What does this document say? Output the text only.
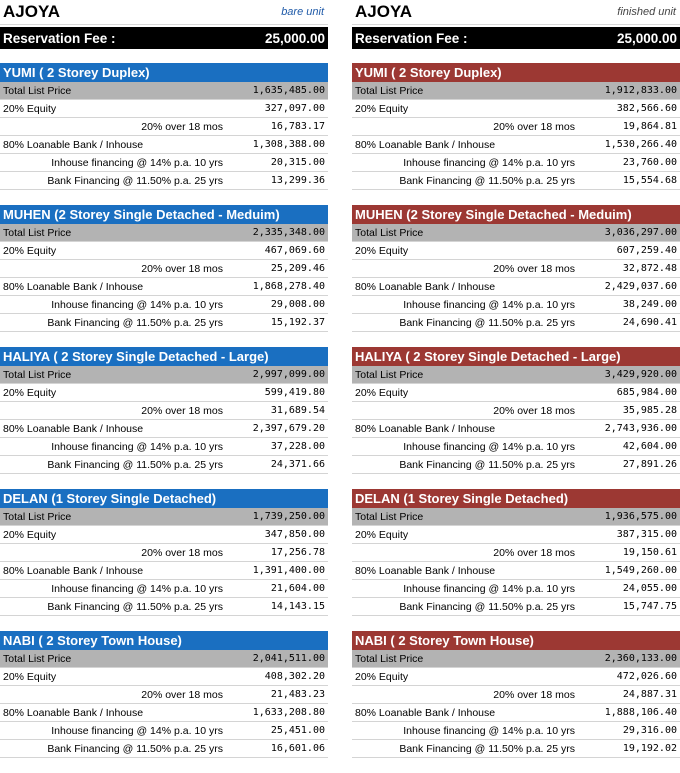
AJOYA	bare unit
Reservation Fee :	25,000.00
YUMI ( 2 Storey Duplex)
Total List Price	1,635,485.00
20% Equity	327,097.00
20% over 18 mos	16,783.17
80% Loanable Bank / Inhouse	1,308,388.00
Inhouse financing @ 14% p.a. 10 yrs	20,315.00
Bank Financing @ 11.50% p.a. 25 yrs	13,299.36
MUHEN (2 Storey Single Detached - Meduim)
Total List Price	2,335,348.00
20% Equity	467,069.60
20% over 18 mos	25,209.46
80% Loanable Bank / Inhouse	1,868,278.40
Inhouse financing @ 14% p.a. 10 yrs	29,008.00
Bank Financing @ 11.50% p.a. 25 yrs	15,192.37
HALIYA ( 2 Storey Single Detached - Large)
Total List Price	2,997,099.00
20% Equity	599,419.80
20% over 18 mos	31,689.54
80% Loanable Bank / Inhouse	2,397,679.20
Inhouse financing @ 14% p.a. 10 yrs	37,228.00
Bank Financing @ 11.50% p.a. 25 yrs	24,371.66
DELAN (1 Storey Single Detached)
Total List Price	1,739,250.00
20% Equity	347,850.00
20% over 18 mos	17,256.78
80% Loanable Bank / Inhouse	1,391,400.00
Inhouse financing @ 14% p.a. 10 yrs	21,604.00
Bank Financing @ 11.50% p.a. 25 yrs	14,143.15
NABI ( 2 Storey Town House)
Total List Price	2,041,511.00
20% Equity	408,302.20
20% over 18 mos	21,483.23
80% Loanable Bank / Inhouse	1,633,208.80
Inhouse financing @ 14% p.a. 10 yrs	25,451.00
Bank Financing @ 11.50% p.a. 25 yrs	16,601.06
AJOYA	finished unit
Reservation Fee :	25,000.00
YUMI ( 2 Storey Duplex)
Total List Price	1,912,833.00
20% Equity	382,566.60
20% over 18 mos	19,864.81
80% Loanable Bank / Inhouse	1,530,266.40
Inhouse financing @ 14% p.a. 10 yrs	23,760.00
Bank Financing @ 11.50% p.a. 25 yrs	15,554.68
MUHEN (2 Storey Single Detached - Meduim)
Total List Price	3,036,297.00
20% Equity	607,259.40
20% over 18 mos	32,872.48
80% Loanable Bank / Inhouse	2,429,037.60
Inhouse financing @ 14% p.a. 10 yrs	38,249.00
Bank Financing @ 11.50% p.a. 25 yrs	24,690.41
HALIYA ( 2 Storey Single Detached - Large)
Total List Price	3,429,920.00
20% Equity	685,984.00
20% over 18 mos	35,985.28
80% Loanable Bank / Inhouse	2,743,936.00
Inhouse financing @ 14% p.a. 10 yrs	42,604.00
Bank Financing @ 11.50% p.a. 25 yrs	27,891.26
DELAN (1 Storey Single Detached)
Total List Price	1,936,575.00
20% Equity	387,315.00
20% over 18 mos	19,150.61
80% Loanable Bank / Inhouse	1,549,260.00
Inhouse financing @ 14% p.a. 10 yrs	24,055.00
Bank Financing @ 11.50% p.a. 25 yrs	15,747.75
NABI ( 2 Storey Town House)
Total List Price	2,360,133.00
20% Equity	472,026.60
20% over 18 mos	24,887.31
80% Loanable Bank / Inhouse	1,888,106.40
Inhouse financing @ 14% p.a. 10 yrs	29,316.00
Bank Financing @ 11.50% p.a. 25 yrs	19,192.02
